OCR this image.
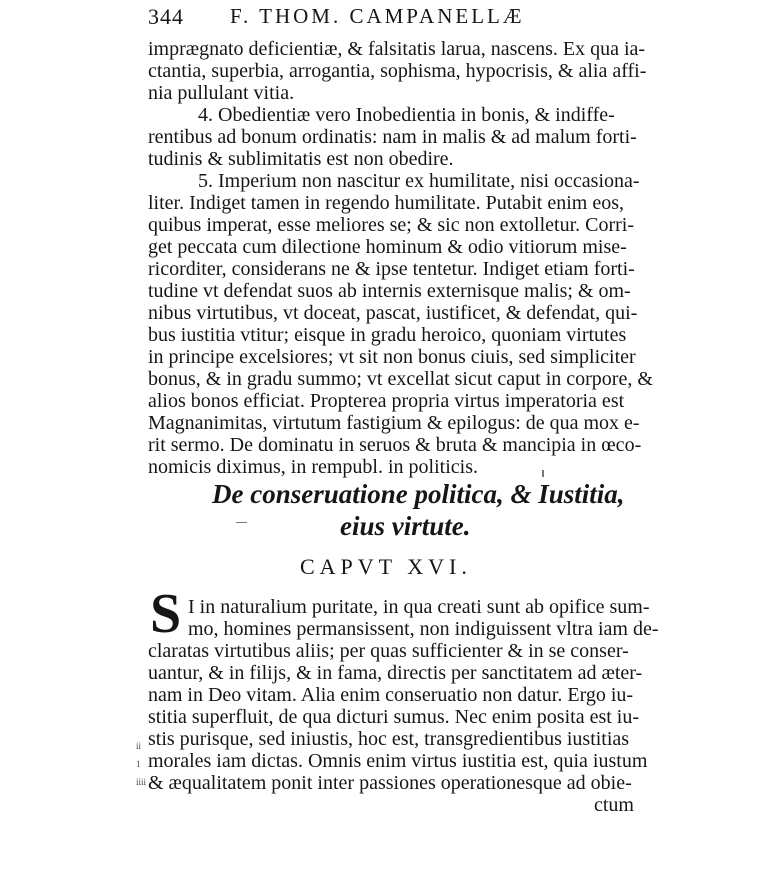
344 F. THOM. CAMPANELLÆ
imprægnato deficientiæ, & falsitatis larua, nascens. Ex qua ia-
ctantia, superbia, arrogantia, sophisma, hypocrisis, & alia affi-
nia pullulant vitia.
4. Obedientiæ vero Inobedientia in bonis, & indiffe-
rentibus ad bonum ordinatis: nam in malis & ad malum forti-
tudinis & sublimitatis est non obedire.
5. Imperium non nascitur ex humilitate, nisi occasiona-
liter. Indiget tamen in regendo humilitate. Putabit enim eos,
quibus imperat, esse meliores se; & sic non extolletur. Corri-
get peccata cum dilectione hominum & odio vitiorum mise-
ricorditer, considerans ne & ipse tentetur. Indiget etiam forti-
tudine vt defendat suos ab internis externisque malis; & om-
nibus virtutibus, vt doceat, pascat, iustificet, & defendat, qui-
bus iustitia vtitur; eisque in gradu heroico, quoniam virtutes
in principe excelsiores; vt sit non bonus ciuis, sed simpliciter
bonus, & in gradu summo; vt excellat sicut caput in corpore, &
alios bonos efficiat. Propterea propria virtus imperatoria est
Magnanimitas, virtutum fastigium & epilogus: de qua mox e-
rit sermo. De dominatu in seruos & bruta & mancipia in œco-
nomicis diximus, in rempubl. in politicis.
De conseruatione politica, & Iustitia,
eius virtute.
CAPVT XVI.
S I in naturalium puritate, in qua creati sunt ab opifice sum-
mo, homines permansissent, non indiguissent vltra iam de-
claratas virtutibus aliis; per quas sufficienter & in se conser-
uantur, & in filijs, & in fama, directis per sanctitatem ad æter-
nam in Deo vitam. Alia enim conseruatio non datur. Ergo iu-
stitia superfluit, de qua dicturi sumus. Nec enim posita est iu-
stis purisque, sed iniustis, hoc est, transgredientibus iustitias
morales iam dictas. Omnis enim virtus iustitia est, quia iustum
& æqualitatem ponit inter passiones operationesque ad obie-
ctum
ii
1
iiii
